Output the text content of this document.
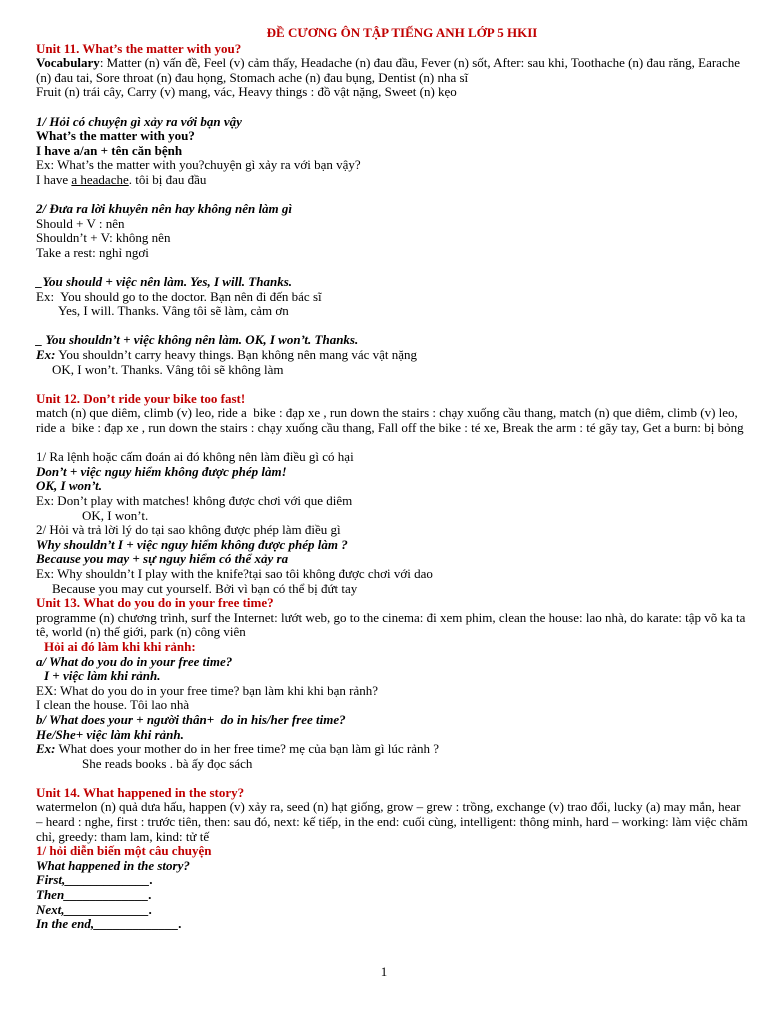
ĐỀ CƯƠNG ÔN TẬP TIẾNG ANH LỚP 5 HKII

Unit 11. What’s the matter with you?

Vocabulary: Matter (n) vấn đề, Feel (v) cảm thấy, Headache (n) đau đầu, Fever (n) sốt, After: sau khi, Toothache (n) đau răng, Earache (n) đau tai, Sore throat (n) đau họng, Stomach ache (n) đau bụng, Dentist (n) nha sĩ

Fruit (n) trái cây, Carry (v) mang, vác, Heavy things : đồ vật nặng, Sweet (n) kẹo

1/ Hỏi có chuyện gì xảy ra với bạn vậy

What’s the matter with you?

I have a/an + tên căn bệnh

Ex: What’s the matter with you?chuyện gì xảy ra với bạn vậy?

I have a headache. tôi bị đau đầu

2/ Đưa ra lời khuyên nên hay không nên làm gì

Should + V : nên

Shouldn’t + V: không nên

Take a rest: nghỉ ngơi

_You should + việc nên làm. Yes, I will. Thanks.

Ex:  You should go to the doctor. Bạn nên đi đến bác sĩ

Yes, I will. Thanks. Vâng tôi sẽ làm, cảm ơn

_ You shouldn’t + việc không nên làm. OK, I won’t. Thanks.

Ex: You shouldn’t carry heavy things. Bạn không nên mang vác vật nặng

OK, I won’t. Thanks. Vâng tôi sẽ không làm

Unit 12. Don’t ride your bike too fast!

match (n) que diêm, climb (v) leo, ride a  bike : đạp xe , run down the stairs : chạy xuống cầu thang, match (n) que diêm, climb (v) leo, ride a  bike : đạp xe , run down the stairs : chạy xuống cầu thang, Fall off the bike : té xe, Break the arm : té gãy tay, Get a burn: bị bỏng

1/ Ra lệnh hoặc cấm đoán ai đó không nên làm điều gì có hại

Don’t + việc nguy hiểm không được phép làm!

OK, I won’t.

Ex: Don’t play with matches! không được chơi với que diêm

OK, I won’t.

2/ Hỏi và trả lời lý do tại sao không được phép làm điều gì

Why shouldn’t I + việc nguy hiểm không được phép làm ?

Because you may + sự nguy hiểm có thể xảy ra

Ex: Why shouldn’t I play with the knife?tại sao tôi không được chơi với dao

Because you may cut yourself. Bởi vì bạn có thể bị đứt tay

Unit 13. What do you do in your free time?

programme (n) chương trình, surf the Internet: lướt web, go to the cinema: đi xem phim, clean the house: lao nhà, do karate: tập võ ka ta tê, world (n) thế giới, park (n) công viên

Hỏi ai đó làm khi khi rảnh:

a/ What do you do in your free time?

I + việc làm khi rảnh.

EX: What do you do in your free time? bạn làm khi khi bạn rảnh?

I clean the house. Tôi lao nhà

b/ What does your + người thân+  do in his/her free time?

He/She+ việc làm khi rảnh.

Ex: What does your mother do in her free time? mẹ của bạn làm gì lúc rảnh ?

She reads books . bà ấy đọc sách

Unit 14. What happened in the story?

watermelon (n) quả dưa hấu, happen (v) xảy ra, seed (n) hạt giống, grow – grew : trồng, exchange (v) trao đổi, lucky (a) may mắn, hear – heard : nghe, first : trước tiên, then: sau đó, next: kế tiếp, in the end: cuối cùng, intelligent: thông minh, hard – working: làm việc chăm chỉ, greedy: tham lam, kind: tử tế

1/ hỏi diễn biến một câu chuyện

What happened in the story?

First,_____________.

Then_____________.

Next,_____________.

In the end,_____________.

1
